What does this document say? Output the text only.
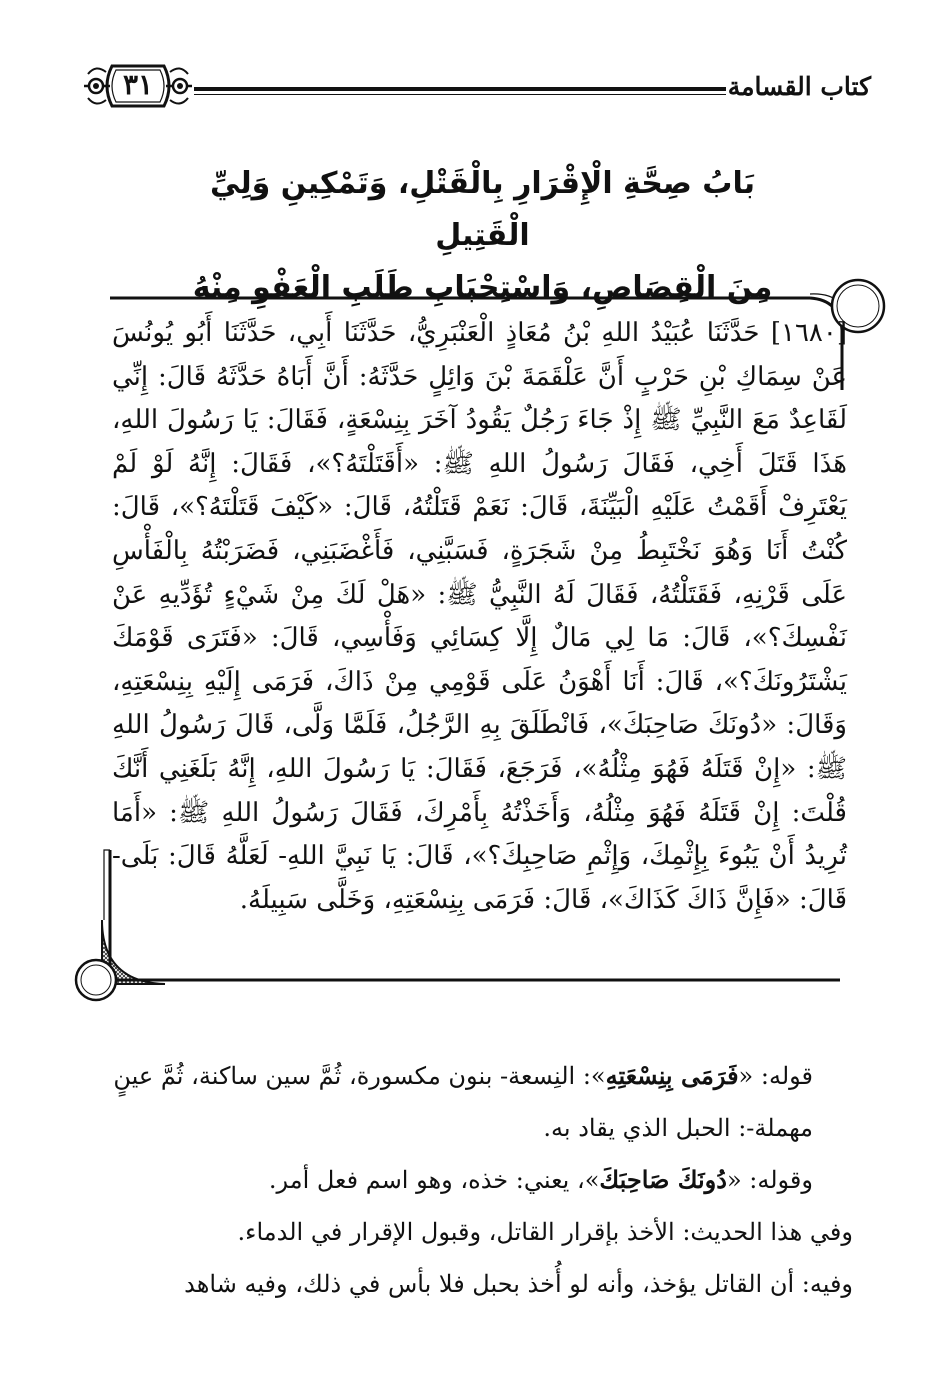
كتاب القسامة
٣١
بَابُ صِحَّةِ الْإِقْرَارِ بِالْقَتْلِ، وَتَمْكِينِ وَلِيِّ الْقَتِيلِ
مِنَ الْقِصَاصِ، وَاسْتِحْبَابِ طَلَبِ الْعَفْوِ مِنْهُ
[١٦٨٠] حَدَّثَنَا عُبَيْدُ اللهِ بْنُ مُعَاذٍ الْعَنْبَرِيُّ، حَدَّثَنَا أَبِي، حَدَّثَنَا أَبُو يُونُسَ عَنْ سِمَاكِ بْنِ حَرْبٍ أَنَّ عَلْقَمَةَ بْنَ وَائِلٍ حَدَّثَهُ: أَنَّ أَبَاهُ حَدَّثَهُ قَالَ: إِنِّي لَقَاعِدٌ مَعَ النَّبِيِّ ﷺ إِذْ جَاءَ رَجُلٌ يَقُودُ آخَرَ بِنِسْعَةٍ، فَقَالَ: يَا رَسُولَ اللهِ، هَذَا قَتَلَ أَخِي، فَقَالَ رَسُولُ اللهِ ﷺ: «أَقَتَلْتَهُ؟»، فَقَالَ: إِنَّهُ لَوْ لَمْ يَعْتَرِفْ أَقَمْتُ عَلَيْهِ الْبَيِّنَةَ، قَالَ: نَعَمْ قَتَلْتُهُ، قَالَ: «كَيْفَ قَتَلْتَهُ؟»، قَالَ: كُنْتُ أَنَا وَهُوَ نَخْتَبِطُ مِنْ شَجَرَةٍ، فَسَبَّنِي، فَأَغْضَبَنِي، فَضَرَبْتُهُ بِالْفَأْسِ عَلَى قَرْنِهِ، فَقَتَلْتُهُ، فَقَالَ لَهُ النَّبِيُّ ﷺ: «هَلْ لَكَ مِنْ شَيْءٍ تُؤَدِّيهِ عَنْ نَفْسِكَ؟»، قَالَ: مَا لِي مَالٌ إِلَّا كِسَائِي وَفَأْسِي، قَالَ: «فَتَرَى قَوْمَكَ يَشْتَرُونَكَ؟»، قَالَ: أَنَا أَهْوَنُ عَلَى قَوْمِي مِنْ ذَاكَ، فَرَمَى إِلَيْهِ بِنِسْعَتِهِ، وَقَالَ: «دُونَكَ صَاحِبَكَ»، فَانْطَلَقَ بِهِ الرَّجُلُ، فَلَمَّا وَلَّى، قَالَ رَسُولُ اللهِ ﷺ: «إِنْ قَتَلَهُ فَهُوَ مِثْلُهُ»، فَرَجَعَ، فَقَالَ: يَا رَسُولَ اللهِ، إِنَّهُ بَلَغَنِي أَنَّكَ قُلْتَ: إِنْ قَتَلَهُ فَهُوَ مِثْلُهُ، وَأَخَذْتُهُ بِأَمْرِكَ، فَقَالَ رَسُولُ اللهِ ﷺ: «أَمَا تُرِيدُ أَنْ يَبُوءَ بِإِثْمِكَ، وَإِثْمِ صَاحِبِكَ؟»، قَالَ: يَا نَبِيَّ اللهِ- لَعَلَّهُ قَالَ: بَلَى- قَالَ: «فَإِنَّ ذَاكَ كَذَاكَ»، قَالَ: فَرَمَى بِنِسْعَتِهِ، وَخَلَّى سَبِيلَهُ.

قوله: «فَرَمَى بِنِسْعَتِهِ»: النِسعة- بنون مكسورة، ثُمَّ سين ساكنة، ثُمَّ عينٍ مهملة-: الحبل الذي يقاد به.

وقوله: «دُونَكَ صَاحِبَكَ»، يعني: خذه، وهو اسم فعل أمر.

وفي هذا الحديث: الأخذ بإقرار القاتل، وقبول الإقرار في الدماء.

وفيه: أن القاتل يؤخذ، وأنه لو أُخذ بحبل فلا بأس في ذلك، وفيه شاهد
